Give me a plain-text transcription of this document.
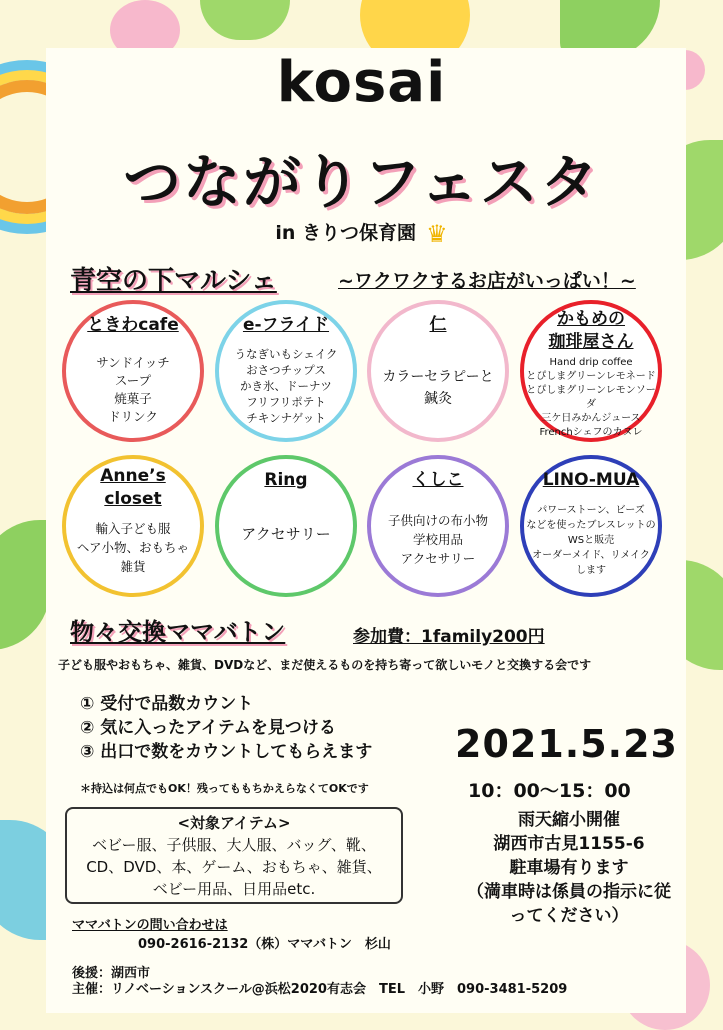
kosai
つながりフェスタ
in きりつ保育園 ♛
青空の下マルシェ	~ワクワクするお店がいっぱい！~
ときわcafe
サンドイッチ
スープ
焼菓子
ドリンク
e-フライド
うなぎいもシェイク
おさつチップス
かき氷、ドーナツ
フリフリポテト
チキンナゲット
仁
カラーセラピーと
鍼灸
かもめの
珈琲屋さん
Hand drip coffee
とぴしまグリーンレモネード
とぴしまグリーンレモンソーダ
三ケ日みかんジュース
Frenchシェフのカヌレ
Anne’s
closet
輸入子ども服
ヘア小物、おもちゃ
雑貨
Ring
アクセサリー
くしこ
子供向けの布小物
学校用品
アクセサリー
LINO-MUA
パワーストーン、ビーズ
などを使ったブレスレットの
WSと販売
オーダーメイド、リメイク
します
物々交換ママバトン	参加費：1family200円
子ども服やおもちゃ、雑貨、DVDなど、まだ使えるものを持ち寄って欲しいモノと交換する会です
① 受付で品数カウント
② 気に入ったアイテムを見つける
③ 出口で数をカウントしてもらえます
＊持込は何点でもOK！残ってももちかえらなくてOKです
<対象アイテム>
ベビー服、子供服、大人服、バッグ、靴、
CD、DVD、本、ゲーム、おもちゃ、雑貨、
ベビー用品、日用品etc.
2021.5.23
10：00〜15：00
雨天縮小開催
湖西市古見1155-6
駐車場有ります
（満車時は係員の指示に従
ってください）
ママバトンの問い合わせは
090-2616-2132（株）ママバトン　杉山
後援：湖西市
主催：リノベーションスクール@浜松2020有志会　TEL　小野　090-3481-5209
